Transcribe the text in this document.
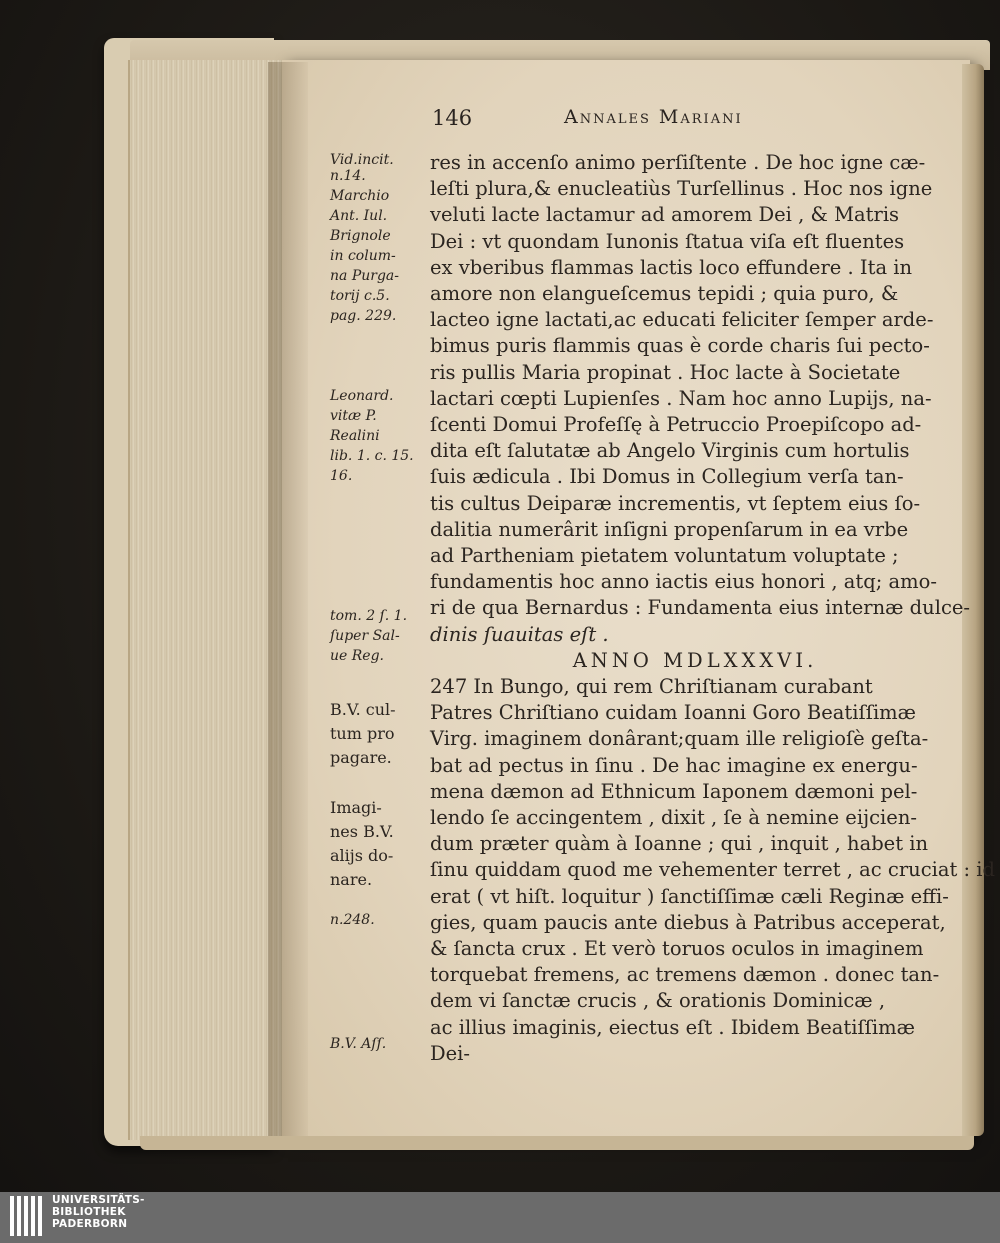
146	Annales Mariani
Vid.incit.
n.14.
Marchio
Ant. Iul.
Brignole
in colum-
na Purga-
torij c.5.
pag. 229.
Leonard.
vitæ P.
Realini
lib. 1. c. 15.
16.
tom. 2 ſ. 1.
ſuper Sal-
ue Reg.
B.V. cul-
tum pro
pagare.
Imagi-
nes B.V.
alijs do-
nare.
n.248.
B.V. Aſſ.
res in accenſo animo perſiſtente . De hoc igne cæ-
leſti plura,& enucleatiùs Turſellinus . Hoc nos igne
veluti lacte lactamur ad amorem Dei , & Matris
Dei : vt quondam Iunonis ſtatua viſa eſt fluentes
ex vberibus flammas lactis loco effundere . Ita in
amore non elangueſcemus tepidi ; quia puro, &
lacteo igne lactati,ac educati feliciter ſemper arde-
bimus puris flammis quas è corde charis ſui pecto-
ris pullis Maria propinat . Hoc lacte à Societate
lactari cœpti Lupienſes . Nam hoc anno Lupijs, na-
ſcenti Domui Profeſſę à Petruccio Proepiſcopo ad-
dita eſt ſalutatæ ab Angelo Virginis cum hortulis
ſuis ædicula . Ibi Domus in Collegium verſa tan-
tis cultus Deiparæ incrementis, vt ſeptem eius ſo-
dalitia numerârit inſigni propenſarum in ea vrbe
ad Partheniam pietatem voluntatum voluptate ;
fundamentis hoc anno iactis eius honori , atq; amo-
ri de qua Bernardus : Fundamenta eius internæ dulce-
dinis ſuauitas eſt .
ANNO MDLXXXVI.
247 In Bungo, qui rem Chriſtianam curabant
Patres Chriſtiano cuidam Ioanni Goro Beatiſſimæ
Virg. imaginem donârant;quam ille religioſè geſta-
bat ad pectus in ſinu . De hac imagine ex energu-
mena dæmon ad Ethnicum Iaponem dæmoni pel-
lendo ſe accingentem , dixit , ſe à nemine eijcien-
dum præter quàm à Ioanne ; qui , inquit , habet in
ſinu quiddam quod me vehementer terret , ac cruciat : id
erat ( vt hiſt. loquitur ) ſanctiſſimæ cæli Reginæ effi-
gies, quam paucis ante diebus à Patribus acceperat,
& ſancta crux . Et verò toruos oculos in imaginem
torquebat fremens, ac tremens dæmon . donec tan-
dem vi ſanctæ crucis , & orationis Dominicæ ,
ac illius imaginis, eiectus eſt . Ibidem Beatiſſimæ
Dei-
UNIVERSITÄTS-
BIBLIOTHEK
PADERBORN
